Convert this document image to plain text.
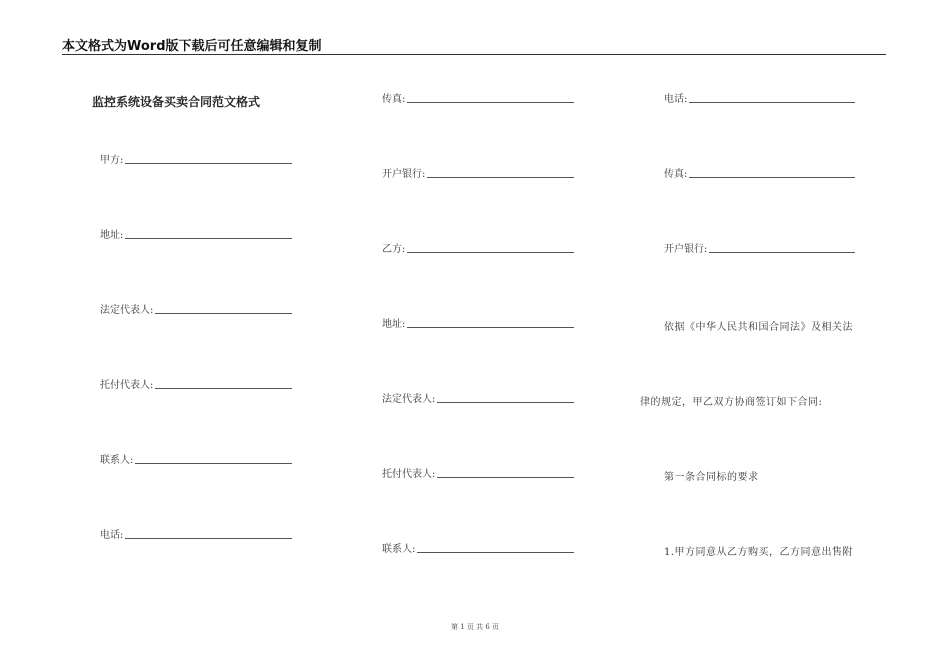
本文格式为Word版下载后可任意编辑和复制
监控系统设备买卖合同范文格式
甲方:
地址:
法定代表人:
托付代表人:
联系人:
电话:
传真:
开户银行:
乙方:
地址:
法定代表人:
托付代表人:
联系人:
电话:
传真:
开户银行:
依据《中华人民共和国合同法》及相关法
律的规定，甲乙双方协商签订如下合同:
第一条合同标的要求
1.甲方同意从乙方购买，乙方同意出售附
第 1 页 共 6 页
